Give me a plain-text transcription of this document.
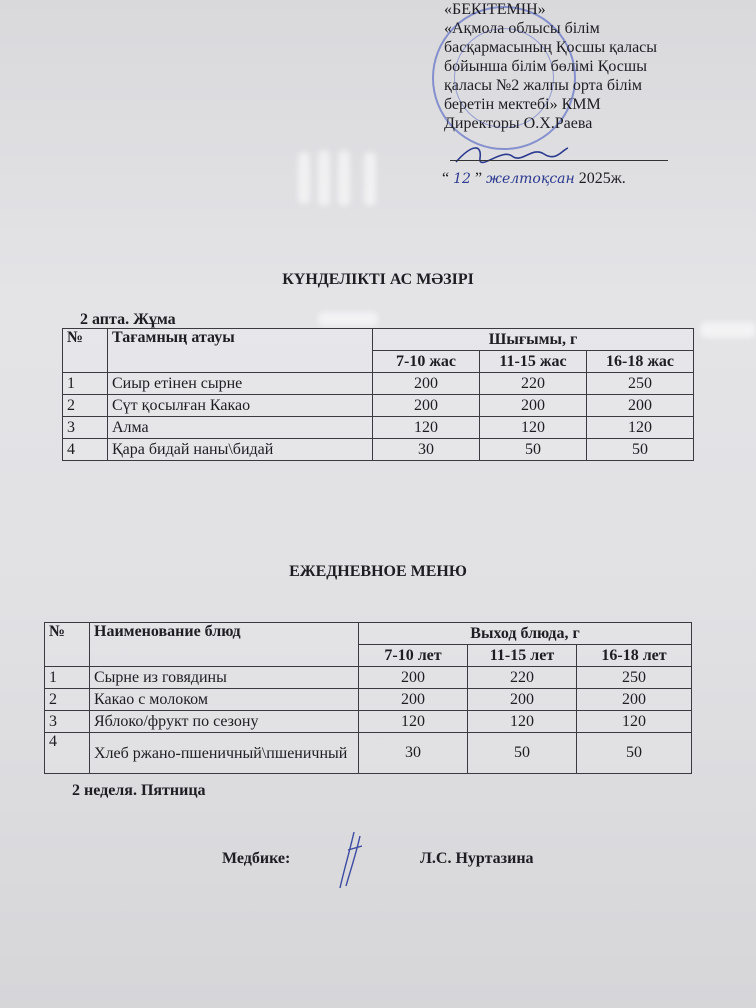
«БЕКІТЕМІН»
«Ақмола облысы білім
басқармасының Қосшы қаласы
бойынша білім бөлімі Қосшы
қаласы №2 жалпы орта білім
беретін мектебі» КММ
Директоры О.Х.Раева
“ 12 ” желтоқсан 2025ж.
КҮНДЕЛІКТІ АС МӘЗІРІ
2 апта. Жұма
№	Тағамның атауы	Шығымы, г		
		7-10 жас	11-15 жас	16-18 жас
1	Сиыр етінен сырне	200	220	250
2	Сүт қосылған Какао	200	200	200
3	Алма	120	120	120
4	Қара бидай наны\бидай	30	50	50
ЕЖЕДНЕВНОЕ МЕНЮ
№	Наименование блюд	Выход блюда, г		
		7-10 лет	11-15 лет	16-18 лет
1	Сырне из говядины	200	220	250
2	Какао с молоком	200	200	200
3	Яблоко/фрукт по сезону	120	120	120
4	Хлеб ржано-пшеничный\пшеничный	30	50	50
2 неделя. Пятница
Медбике:	Л.С. Нуртазина
